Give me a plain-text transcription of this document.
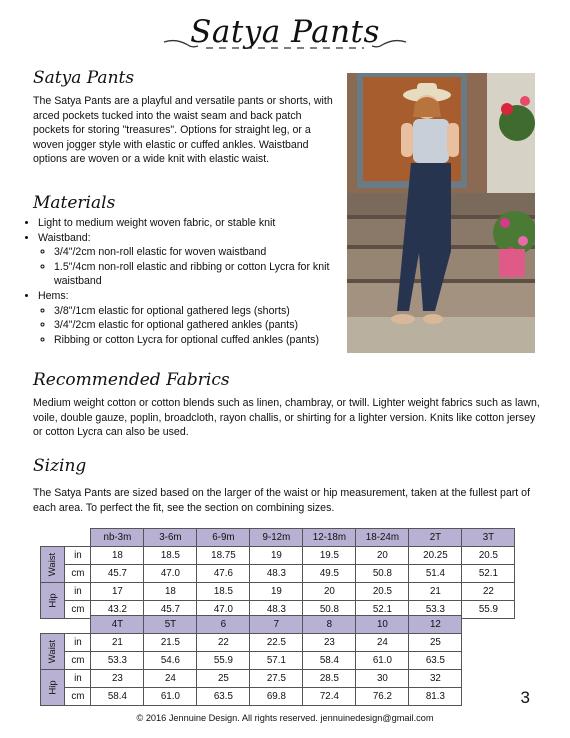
Satya Pants
Satya Pants

The Satya Pants are a playful and versatile pants or shorts, with arced pockets tucked into the waist seam and back patch pockets for storing "treasures". Options for straight leg, or a woven jogger style with elastic or cuffed ankles. Waistband options are woven or a wide knit with elastic waist.

Materials
• Light to medium weight woven fabric, or stable knit
• Waistband:
◦ 3/4"/2cm non-roll elastic for woven waistband
◦ 1.5"/4cm non-roll elastic and ribbing or cotton Lycra for knit waistband
• Hems:
◦ 3/8"/1cm elastic for optional gathered legs (shorts)
◦ 3/4"/2cm elastic for optional gathered ankles (pants)
◦ Ribbing or cotton Lycra for optional cuffed ankles (pants)
Recommended Fabrics

Medium weight cotton or cotton blends such as linen, chambray, or twill. Lighter weight fabrics such as lawn, voile, double gauze, poplin, broadcloth, rayon challis, or shirting for a lighter version. Knits like cotton jersey or cotton Lycra can also be used.

Sizing

The Satya Pants are sized based on the larger of the waist or hip measurement, taken at the fullest part of each area. To perfect the fit, see the section on combining sizes.

		nb-3m	3-6m	6-9m	9-12m	12-18m	18-24m	2T	3T
Waist	in	18	18.5	18.75	19	19.5	20	20.25	20.5
	cm	45.7	47.0	47.6	48.3	49.5	50.8	51.4	52.1
Hip	in	17	18	18.5	19	20	20.5	21	22
	cm	43.2	45.7	47.0	48.3	50.8	52.1	53.3	55.9
		4T	5T	6	7	8	10	12
Waist	in	21	21.5	22	22.5	23	24	25
	cm	53.3	54.6	55.9	57.1	58.4	61.0	63.5
Hip	in	23	24	25	27.5	28.5	30	32
	cm	58.4	61.0	63.5	69.8	72.4	76.2	81.3	3
© 2016 Jennuine Design. All rights reserved. jennuinedesign@gmail.com
